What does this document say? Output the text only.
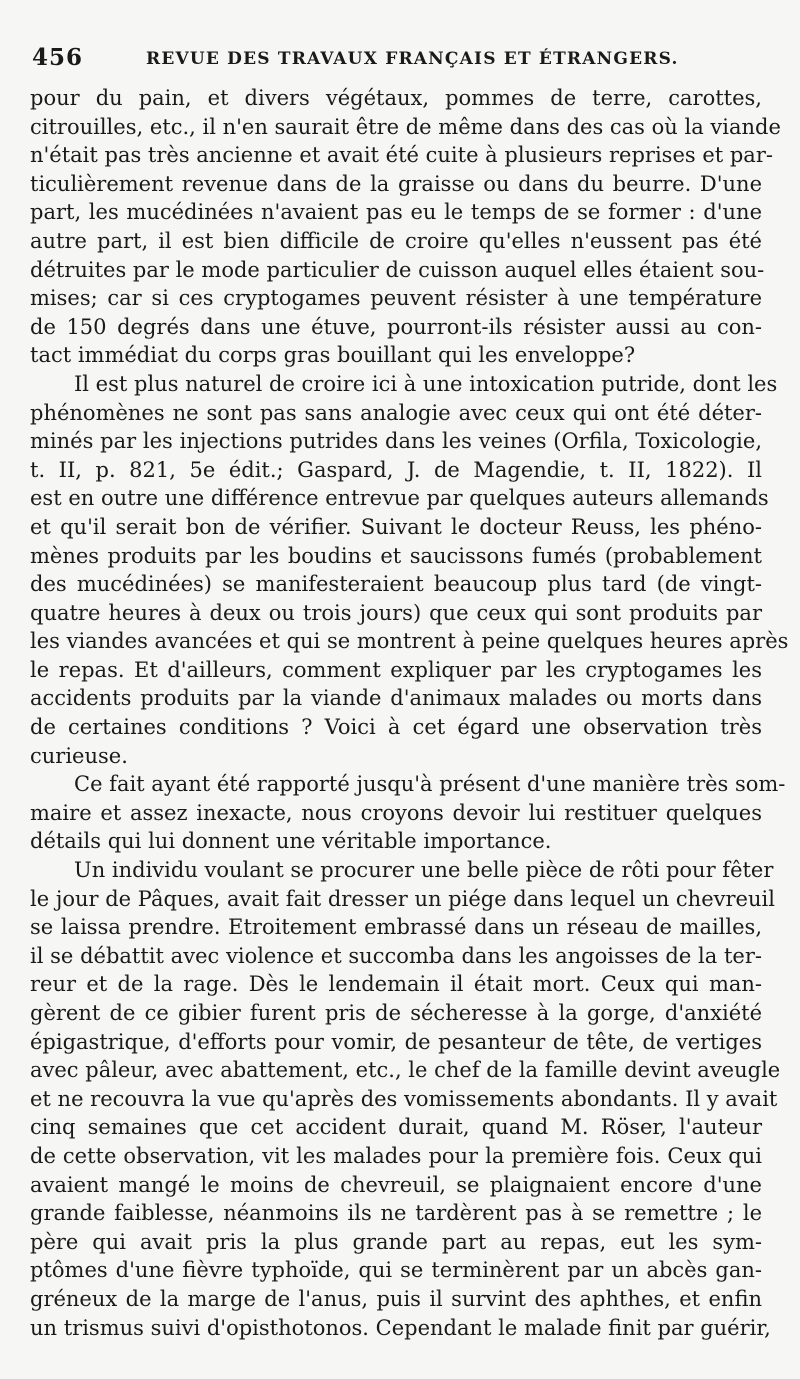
456	REVUE DES TRAVAUX FRANÇAIS ET ÉTRANGERS.
pour du pain, et divers végétaux, pommes de terre, carottes,
citrouilles, etc., il n'en saurait être de même dans des cas où la viande
n'était pas très ancienne et avait été cuite à plusieurs reprises et par-
ticulièrement revenue dans de la graisse ou dans du beurre. D'une
part, les mucédinées n'avaient pas eu le temps de se former : d'une
autre part, il est bien difficile de croire qu'elles n'eussent pas été
détruites par le mode particulier de cuisson auquel elles étaient sou-
mises; car si ces cryptogames peuvent résister à une température
de 150 degrés dans une étuve, pourront-ils résister aussi au con-
tact immédiat du corps gras bouillant qui les enveloppe?
Il est plus naturel de croire ici à une intoxication putride, dont les
phénomènes ne sont pas sans analogie avec ceux qui ont été déter-
minés par les injections putrides dans les veines (Orfila, Toxicologie,
t. II, p. 821, 5e édit.; Gaspard, J. de Magendie, t. II, 1822). Il
est en outre une différence entrevue par quelques auteurs allemands
et qu'il serait bon de vérifier. Suivant le docteur Reuss, les phéno-
mènes produits par les boudins et saucissons fumés (probablement
des mucédinées) se manifesteraient beaucoup plus tard (de vingt-
quatre heures à deux ou trois jours) que ceux qui sont produits par
les viandes avancées et qui se montrent à peine quelques heures après
le repas. Et d'ailleurs, comment expliquer par les cryptogames les
accidents produits par la viande d'animaux malades ou morts dans
de certaines conditions ? Voici à cet égard une observation très
curieuse.
Ce fait ayant été rapporté jusqu'à présent d'une manière très som-
maire et assez inexacte, nous croyons devoir lui restituer quelques
détails qui lui donnent une véritable importance.
Un individu voulant se procurer une belle pièce de rôti pour fêter
le jour de Pâques, avait fait dresser un piége dans lequel un chevreuil
se laissa prendre. Etroitement embrassé dans un réseau de mailles,
il se débattit avec violence et succomba dans les angoisses de la ter-
reur et de la rage. Dès le lendemain il était mort. Ceux qui man-
gèrent de ce gibier furent pris de sécheresse à la gorge, d'anxiété
épigastrique, d'efforts pour vomir, de pesanteur de tête, de vertiges
avec pâleur, avec abattement, etc., le chef de la famille devint aveugle
et ne recouvra la vue qu'après des vomissements abondants. Il y avait
cinq semaines que cet accident durait, quand M. Röser, l'auteur
de cette observation, vit les malades pour la première fois. Ceux qui
avaient mangé le moins de chevreuil, se plaignaient encore d'une
grande faiblesse, néanmoins ils ne tardèrent pas à se remettre ; le
père qui avait pris la plus grande part au repas, eut les sym-
ptômes d'une fièvre typhoïde, qui se terminèrent par un abcès gan-
gréneux de la marge de l'anus, puis il survint des aphthes, et enfin
un trismus suivi d'opisthotonos. Cependant le malade finit par guérir,
